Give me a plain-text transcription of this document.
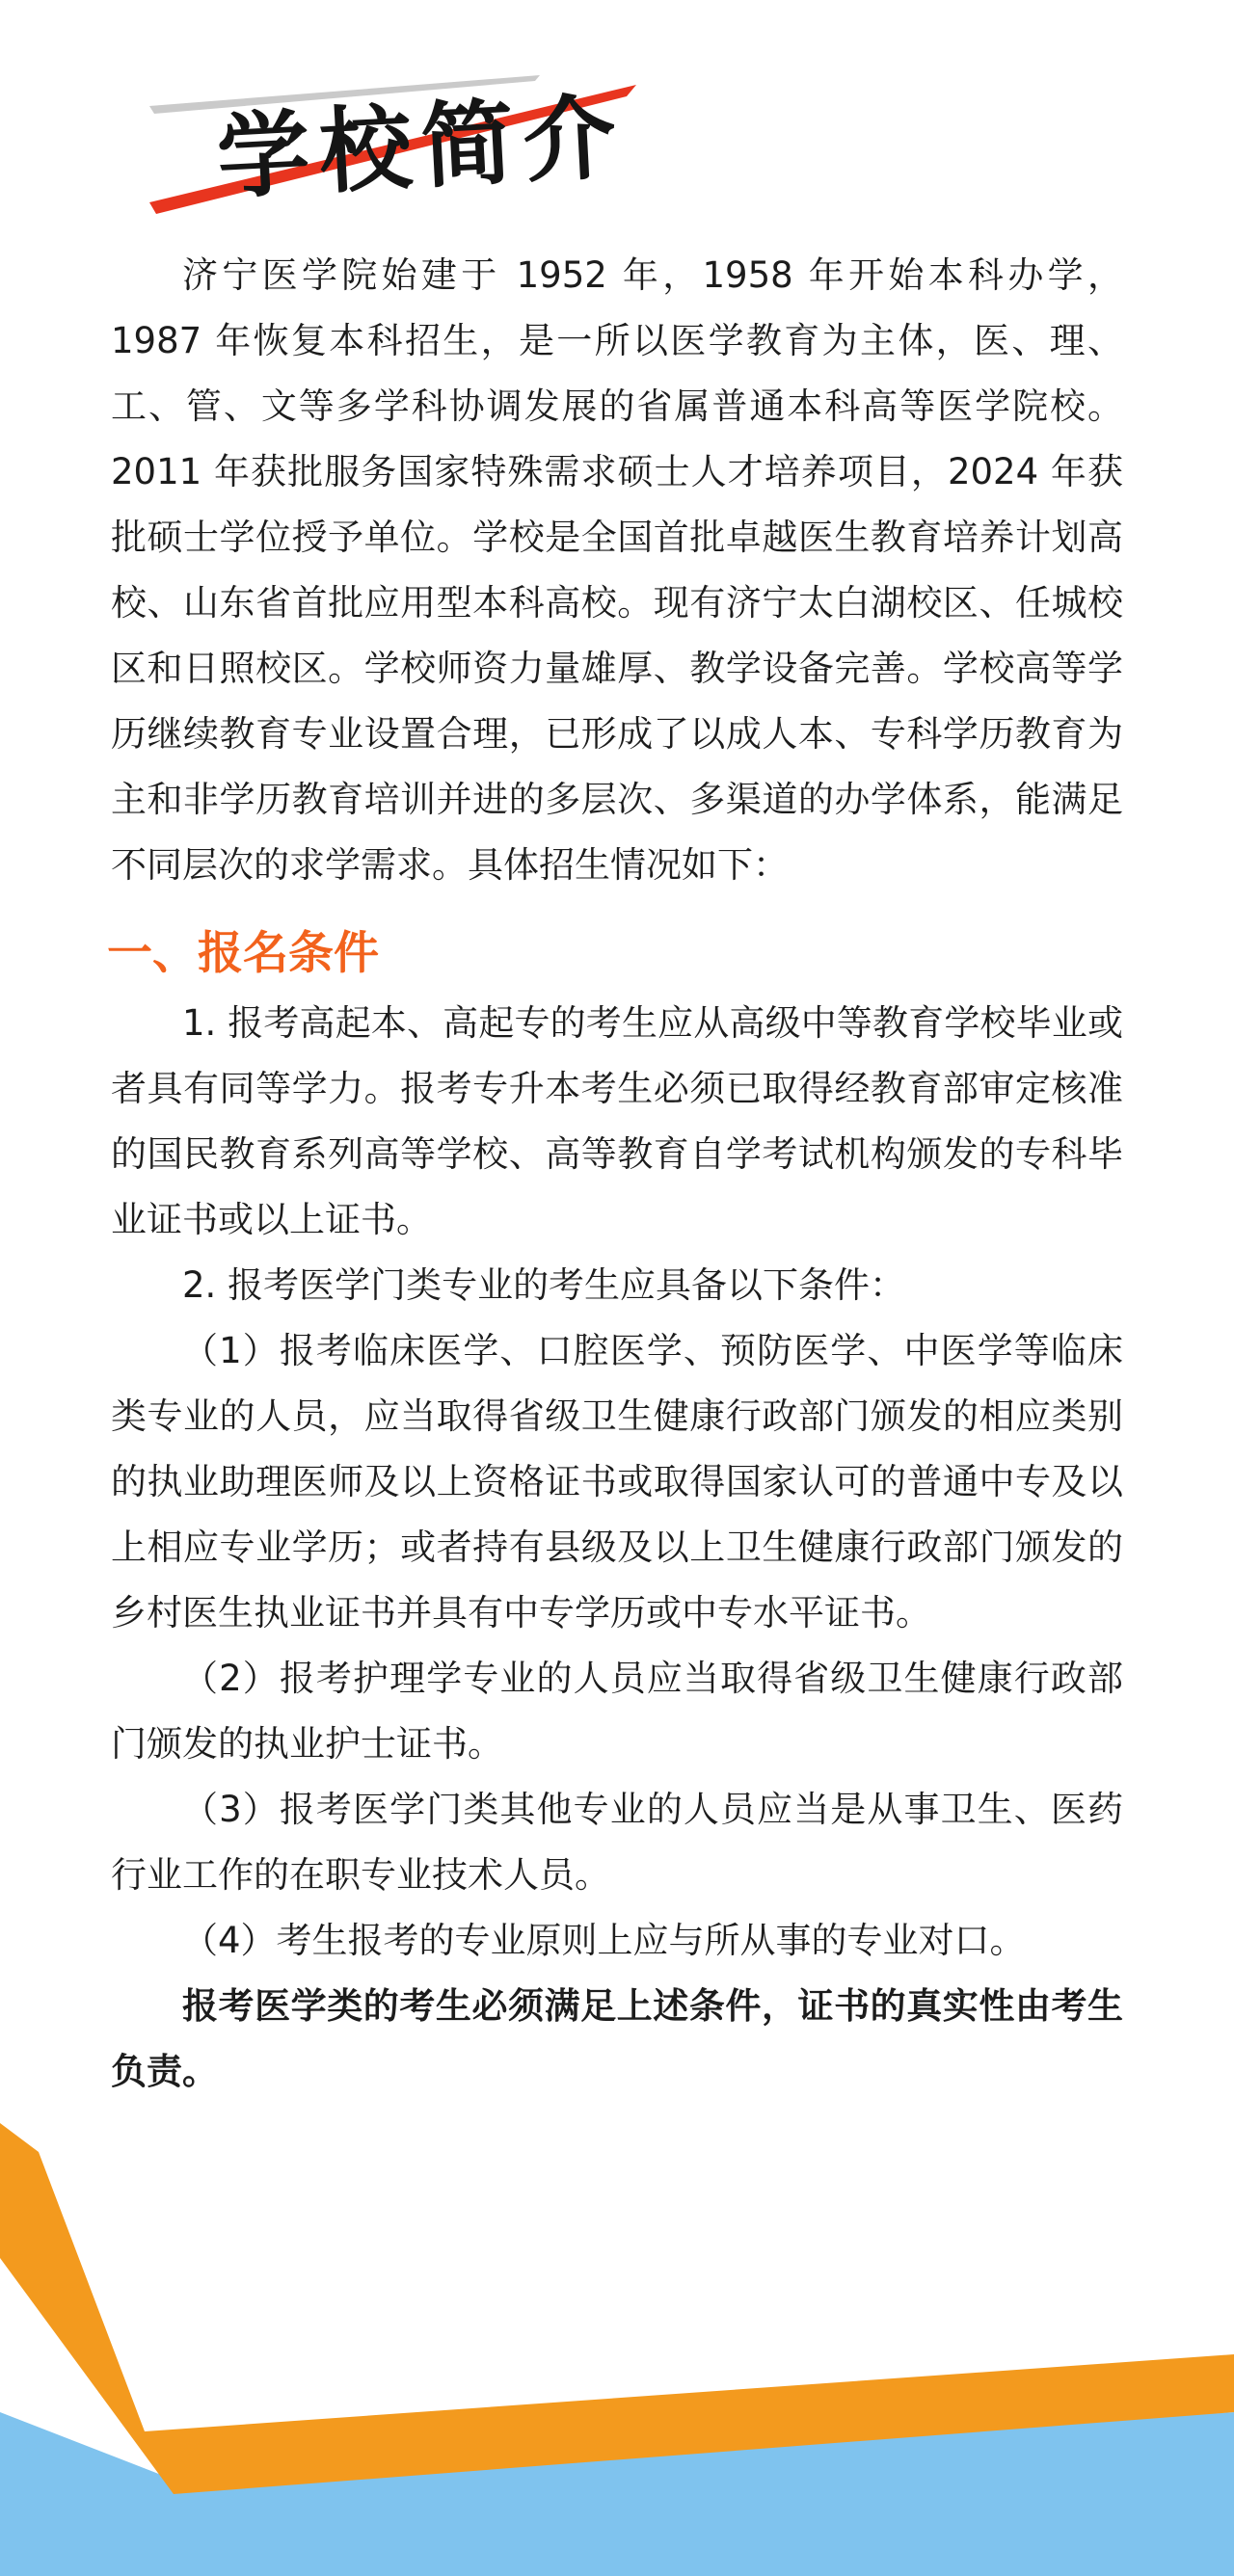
学校简介

济宁医学院始建于 1952 年，1958 年开始本科办学，1987 年恢复本科招生，是一所以医学教育为主体，医、理、工、管、文等多学科协调发展的省属普通本科高等医学院校。2011 年获批服务国家特殊需求硕士人才培养项目，2024 年获批硕士学位授予单位。学校是全国首批卓越医生教育培养计划高校、山东省首批应用型本科高校。现有济宁太白湖校区、任城校区和日照校区。学校师资力量雄厚、教学设备完善。学校高等学历继续教育专业设置合理，已形成了以成人本、专科学历教育为主和非学历教育培训并进的多层次、多渠道的办学体系，能满足不同层次的求学需求。具体招生情况如下：

一、报名条件

1. 报考高起本、高起专的考生应从高级中等教育学校毕业或者具有同等学力。报考专升本考生必须已取得经教育部审定核准的国民教育系列高等学校、高等教育自学考试机构颁发的专科毕业证书或以上证书。

2. 报考医学门类专业的考生应具备以下条件：

（1）报考临床医学、口腔医学、预防医学、中医学等临床类专业的人员，应当取得省级卫生健康行政部门颁发的相应类别的执业助理医师及以上资格证书或取得国家认可的普通中专及以上相应专业学历；或者持有县级及以上卫生健康行政部门颁发的乡村医生执业证书并具有中专学历或中专水平证书。

（2）报考护理学专业的人员应当取得省级卫生健康行政部门颁发的执业护士证书。

（3）报考医学门类其他专业的人员应当是从事卫生、医药行业工作的在职专业技术人员。

（4）考生报考的专业原则上应与所从事的专业对口。

报考医学类的考生必须满足上述条件，证书的真实性由考生负责。
